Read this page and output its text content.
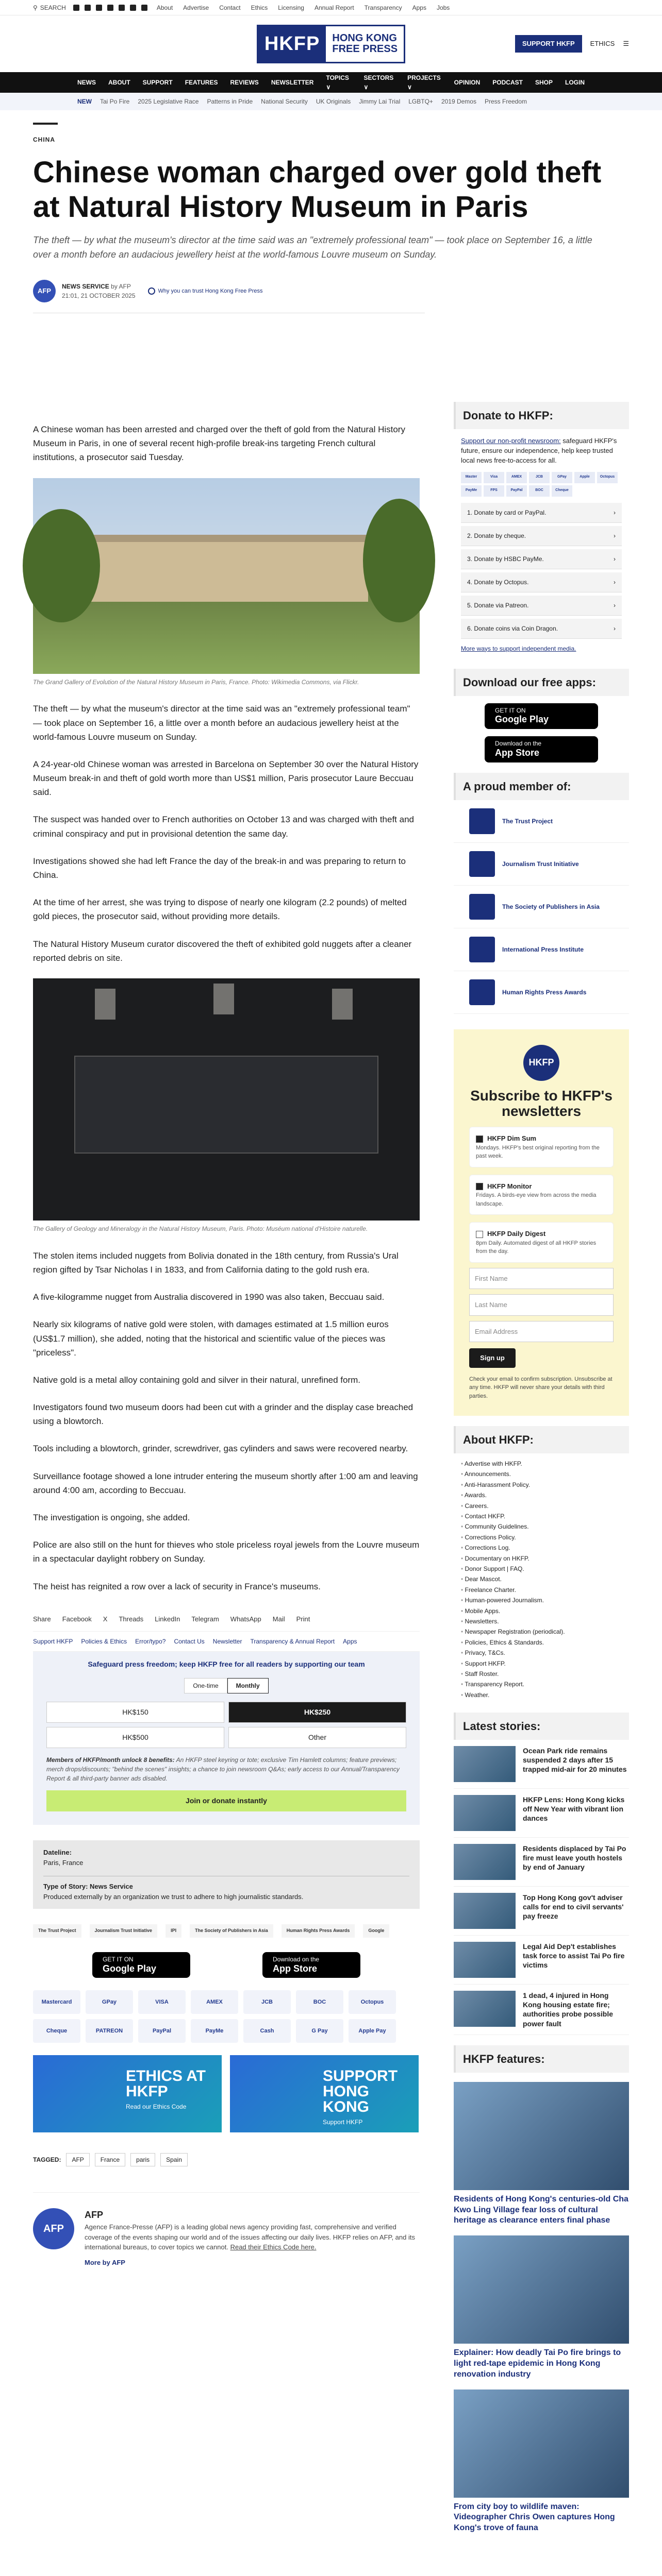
⚲ SEARCH	About Advertise Contact Ethics Licensing Annual Report Transparency Apps Jobs
HKFP	HONG KONG
FREE PRESS	SUPPORT HKFP	ETHICS ☰
NEWS ABOUT SUPPORT FEATURES REVIEWS NEWSLETTER
TOPICS ∨
SECTORS ∨
PROJECTS ∨
OPINION PODCAST SHOP LOGIN
NEW Tai Po Fire 2025 Legislative Race Patterns in Pride National Security UK Originals Jimmy Lai Trial LGBTQ+ 2019 Demos Press Freedom
CHINA
Chinese woman charged over gold theft at Natural History Museum in Paris
The theft — by what the museum's director at the time said was an "extremely professional team" — took place on September 16, a little over a month before an audacious jewellery heist at the world-famous Louvre museum on Sunday.
AFP
NEWS SERVICE by AFP
21:01, 21 OCTOBER 2025
Why you can trust Hong Kong Free Press

A Chinese woman has been arrested and charged over the theft of gold from the Natural History Museum in Paris, in one of several recent high-profile break-ins targeting French cultural institutions, a prosecutor said Tuesday.

The Grand Gallery of Evolution of the Natural History Museum in Paris, France. Photo: Wikimedia Commons, via Flickr.

The theft — by what the museum's director at the time said was an "extremely professional team" — took place on September 16, a little over a month before an audacious jewellery heist at the world-famous Louvre museum on Sunday.

A 24-year-old Chinese woman was arrested in Barcelona on September 30 over the Natural History Museum break-in and theft of gold worth more than US$1 million, Paris prosecutor Laure Beccuau said.

The suspect was handed over to French authorities on October 13 and was charged with theft and criminal conspiracy and put in provisional detention the same day.

Investigations showed she had left France the day of the break-in and was preparing to return to China.

At the time of her arrest, she was trying to dispose of nearly one kilogram (2.2 pounds) of melted gold pieces, the prosecutor said, without providing more details.

The Natural History Museum curator discovered the theft of exhibited gold nuggets after a cleaner reported debris on site.

The Gallery of Geology and Mineralogy in the Natural History Museum, Paris. Photo: Muséum national d'Histoire naturelle.

The stolen items included nuggets from Bolivia donated in the 18th century, from Russia's Ural region gifted by Tsar Nicholas I in 1833, and from California dating to the gold rush era.

A five-kilogramme nugget from Australia discovered in 1990 was also taken, Beccuau said.

Nearly six kilograms of native gold were stolen, with damages estimated at 1.5 million euros (US$1.7 million), she added, noting that the historical and scientific value of the pieces was "priceless".

Native gold is a metal alloy containing gold and silver in their natural, unrefined form.

Investigators found two museum doors had been cut with a grinder and the display case breached using a blowtorch.

Tools including a blowtorch, grinder, screwdriver, gas cylinders and saws were recovered nearby.

Surveillance footage showed a lone intruder entering the museum shortly after 1:00 am and leaving around 4:00 am, according to Beccuau.

The investigation is ongoing, she added.

Police are also still on the hunt for thieves who stole priceless royal jewels from the Louvre museum in a spectacular daylight robbery on Sunday.

The heist has reignited a row over a lack of security in France's museums.

Share Facebook X Threads LinkedIn Telegram WhatsApp Mail Print
Support HKFP Policies & Ethics Error/typo? Contact Us Newsletter Transparency & Annual Report Apps
Safeguard press freedom; keep HKFP free for all readers by supporting our team
One-time	Monthly
HK$150	HK$250
HK$500	Other
Members of HKFP/month unlock 8 benefits: An HKFP steel keyring or tote; exclusive Tim Hamlett columns; feature previews; merch drops/discounts; "behind the scenes" insights; a chance to join newsroom Q&As; early access to our Annual/Transparency Report & all third-party banner ads disabled.
Join or donate instantly
Dateline:
Paris, France
Type of Story: News Service
Produced externally by an organization we trust to adhere to high journalistic standards.
The Trust Project	Journalism Trust Initiative	IPI	The Society of Publishers in Asia	Human Rights Press Awards	Google
GET IT ON
Google Play
Download on the
App Store
Mastercard	GPay	VISA	AMEX	JCB	BOC	Octopus
Cheque	PATREON	PayPal	PayMe	Cash	G Pay	Apple Pay
ETHICS AT HKFP
Read our Ethics Code
SUPPORT HONG KONG
Support HKFP
TAGGED:	AFP	France	paris	Spain
AFP
AFP

Agence France-Presse (AFP) is a leading global news agency providing fast, comprehensive and verified coverage of the events shaping our world and of the issues affecting our daily lives. HKFP relies on AFP, and its international bureaus, to cover topics we cannot. Read their Ethics Code here.

More by AFP
Donate to HKFP:

Support our non-profit newsroom: safeguard HKFP's future, ensure our independence, help keep trusted local news free-to-access for all.

Master	Visa	AMEX	JCB	GPay	Apple	Octopus
PayMe	FPS	PayPal	BOC	Cheque
1. Donate by card or PayPal.	›
2. Donate by cheque.	›
3. Donate by HSBC PayMe.	›
4. Donate by Octopus.	›
5. Donate via Patreon.	›
6. Donate coins via Coin Dragon.	›
More ways to support independent media.
Download our free apps:
GET IT ON
Google Play
Download on the
App Store
A proud member of:
The Trust Project
Journalism Trust Initiative
The Society of Publishers in Asia
International Press Institute
Human Rights Press Awards
HKFP
Subscribe to HKFP's newsletters
HKFP Dim Sum
Mondays. HKFP's best original reporting from the past week.
HKFP Monitor
Fridays. A birds-eye view from across the media landscape.
HKFP Daily Digest
8pm Daily. Automated digest of all HKFP stories from the day.
First Name
Last Name
Email Address
Sign up
Check your email to confirm subscription. Unsubscribe at any time. HKFP will never share your details with third parties.
About HKFP:
• Advertise with HKFP.
• Announcements.
• Anti-Harassment Policy.
• Awards.
• Careers.
• Contact HKFP.
• Community Guidelines.
• Corrections Policy.
• Corrections Log.
• Documentary on HKFP.
• Donor Support | FAQ.
• Dear Mascot.
• Freelance Charter.
• Human-powered Journalism.
• Mobile Apps.
• Newsletters.
• Newspaper Registration (periodical).
• Policies, Ethics & Standards.
• Privacy, T&Cs.
• Support HKFP.
• Staff Roster.
• Transparency Report.
• Weather.
Latest stories:
Ocean Park ride remains suspended 2 days after 15 trapped mid-air for 20 minutes
HKFP Lens: Hong Kong kicks off New Year with vibrant lion dances
Residents displaced by Tai Po fire must leave youth hostels by end of January
Top Hong Kong gov't adviser calls for end to civil servants' pay freeze
Legal Aid Dep't establishes task force to assist Tai Po fire victims
1 dead, 4 injured in Hong Kong housing estate fire; authorities probe possible power fault
HKFP features:
Residents of Hong Kong's centuries-old Cha Kwo Ling Village fear loss of cultural heritage as clearance enters final phase
Explainer: How deadly Tai Po fire brings to light red-tape epidemic in Hong Kong renovation industry
From city boy to wildlife maven: Videographer Chris Owen captures Hong Kong's trove of fauna
